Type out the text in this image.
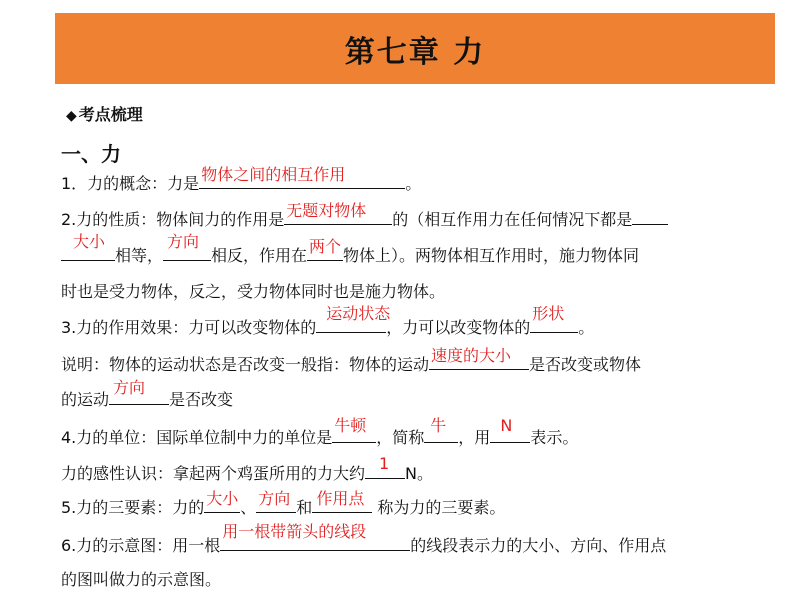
第七章 力
◆ 考点梳理
一、力
1．力的概念：力是 物体之间的相互作用	。
2.力的性质：物体间力的作用是 无题对物体 的（相互作用力在任何情况下都是
大小
相等，
方向
相反，作用在 两个 物体上）。两物体相互作用时，施力物体同
时也是受力物体，反之，受力物体同时也是施力物体。
3.力的作用效果：力可以改变物体的
运动状态
，力可以改变物体的
形状
。
说明：物体的运动状态是否改变一般指：物体的运动 速度的大小 是否改变或物体
的运动
方向
是否改变
4.力的单位：国际单位制中力的单位是
牛顿
，简称
牛
，用
N
表示。
力的感性认识：拿起两个鸡蛋所用的力大约
1
N。
5.力的三要素：力的 大小 、 方向 和 作用点 称为力的三要素。
6.力的示意图：用一根
用一根带箭头的线段
的线段表示力的大小、方向、作用点
的图叫做力的示意图。
